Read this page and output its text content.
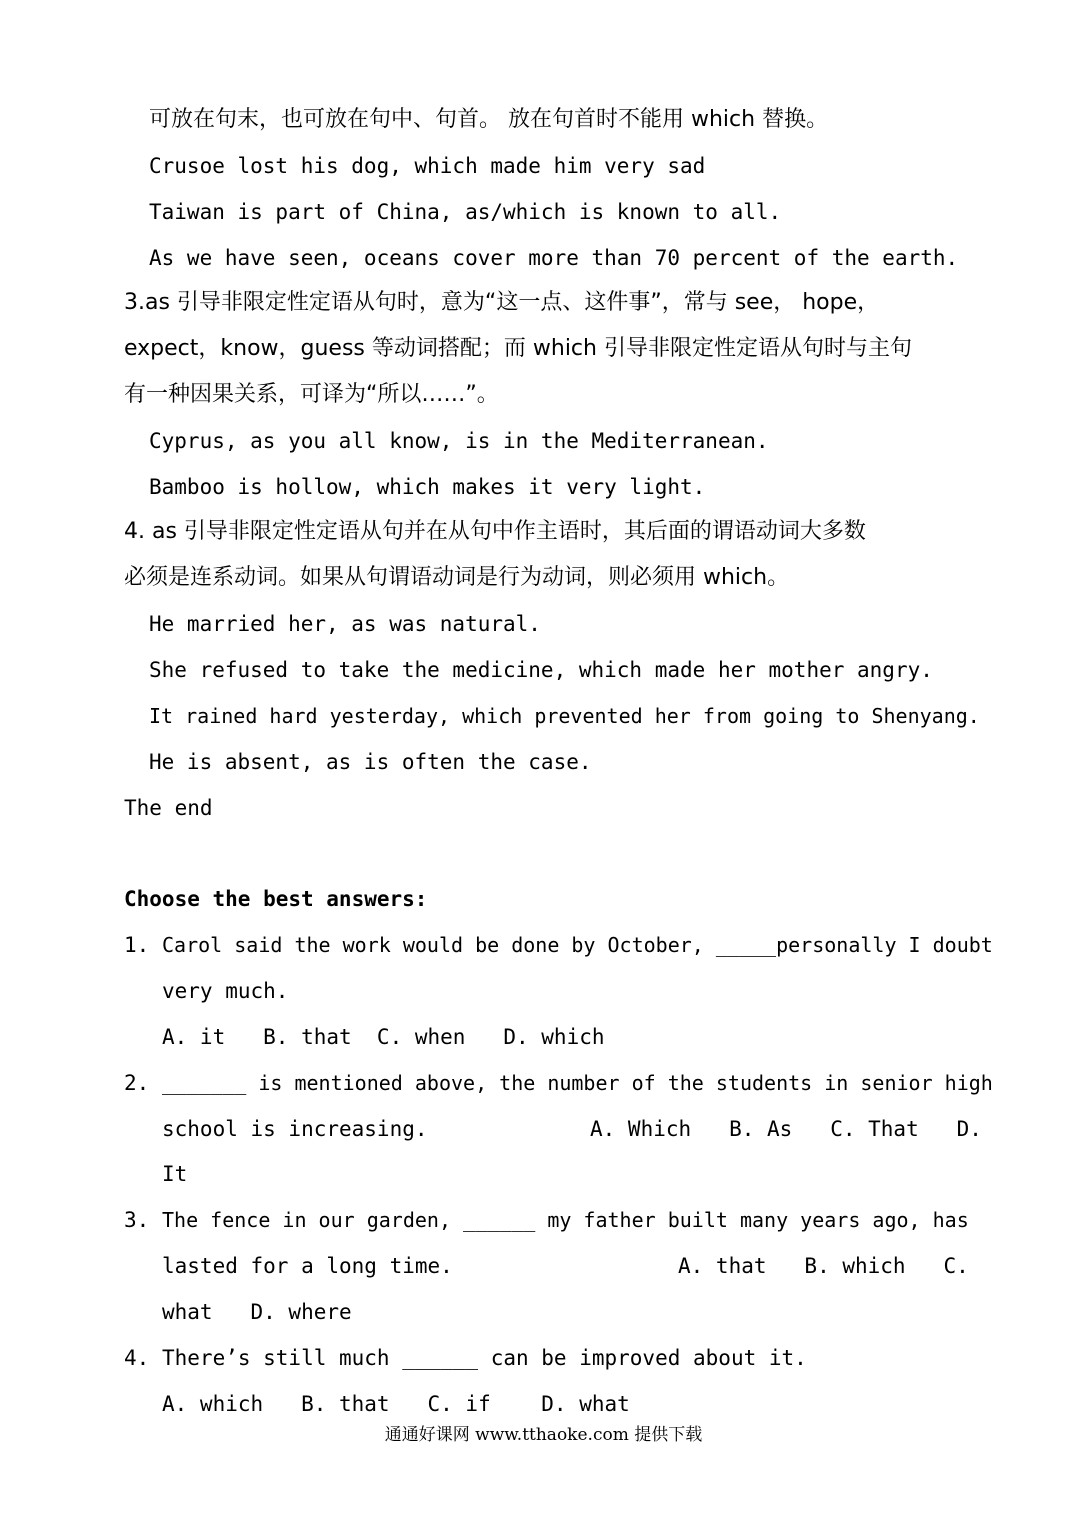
可放在句末，也可放在句中、句首。 放在句首时不能用 which 替换。
Crusoe lost his dog, which made him very sad
Taiwan is part of China, as/which is known to all.
As we have seen, oceans cover more than 70 percent of the earth.
3.as 引导非限定性定语从句时，意为“这一点、这件事”，常与 see， hope，
expect，know，guess 等动词搭配；而 which 引导非限定性定语从句时与主句
有一种因果关系，可译为“所以……”。
Cyprus, as you all know, is in the Mediterranean.
Bamboo is hollow, which makes it very light.
4. as 引导非限定性定语从句并在从句中作主语时，其后面的谓语动词大多数
必须是连系动词。如果从句谓语动词是行为动词，则必须用 which。
He married her, as was natural.
She refused to take the medicine, which made her mother angry.
It rained hard yesterday, which prevented her from going to Shenyang.
He is absent, as is often the case.
The end
Choose the best answers:
1. Carol said the work would be done by October, _____personally I doubt
very much.
A. it   B. that  C. when   D. which
2. _______ is mentioned above, the number of the students in senior high
school is increasing.	A. Which   B. As   C. That   D.
It
3. The fence in our garden, ______ my father built many years ago, has
lasted for a long time.	A. that   B. which   C.
what   D. where
4. There’s still much ______ can be improved about it.
A. which   B. that   C. if    D. what
通通好课网 www.tthaoke.com 提供下载
